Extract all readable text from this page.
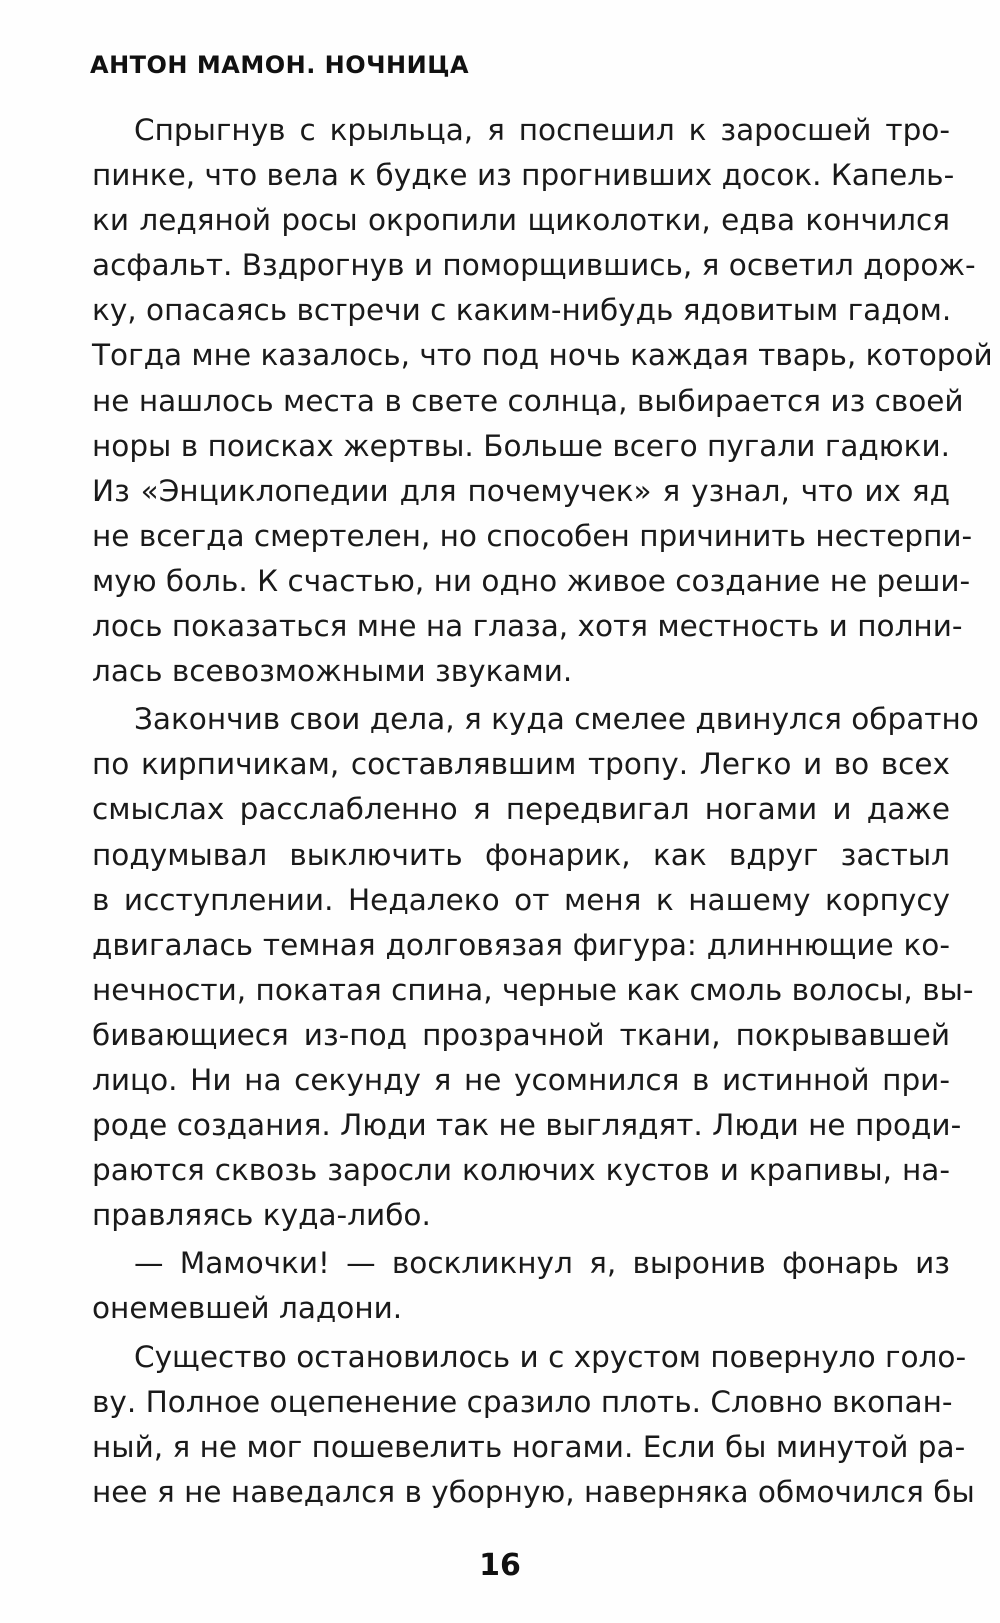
АНТОН МАМОН. НОЧНИЦА
Спрыгнув с крыльца, я поспешил к заросшей тро-
пинке, что вела к будке из прогнивших досок. Капель-
ки ледяной росы окропили щиколотки, едва кончился
асфальт. Вздрогнув и поморщившись, я осветил дорож-
ку, опасаясь встречи с каким-нибудь ядовитым гадом.
Тогда мне казалось, что под ночь каждая тварь, которой
не нашлось места в свете солнца, выбирается из своей
норы в поисках жертвы. Больше всего пугали гадюки.
Из «Энциклопедии для почемучек» я узнал, что их яд
не всегда смертелен, но способен причинить нестерпи-
мую боль. К счастью, ни одно живое создание не реши-
лось показаться мне на глаза, хотя местность и полни-
лась всевозможными звуками.
Закончив свои дела, я куда смелее двинулся обратно
по кирпичикам, составлявшим тропу. Легко и во всех
смыслах расслабленно я передвигал ногами и даже
подумывал выключить фонарик, как вдруг застыл
в исступлении. Недалеко от меня к нашему корпусу
двигалась темная долговязая фигура: длиннющие ко-
нечности, покатая спина, черные как смоль волосы, вы-
бивающиеся из-под прозрачной ткани, покрывавшей
лицо. Ни на секунду я не усомнился в истинной при-
роде создания. Люди так не выглядят. Люди не проди-
раются сквозь заросли колючих кустов и крапивы, на-
правляясь куда-либо.
— Мамочки! — воскликнул я, выронив фонарь из
онемевшей ладони.
Существо остановилось и с хрустом повернуло голо-
ву. Полное оцепенение сразило плоть. Словно вкопан-
ный, я не мог пошевелить ногами. Если бы минутой ра-
нее я не наведался в уборную, наверняка обмочился бы
16
